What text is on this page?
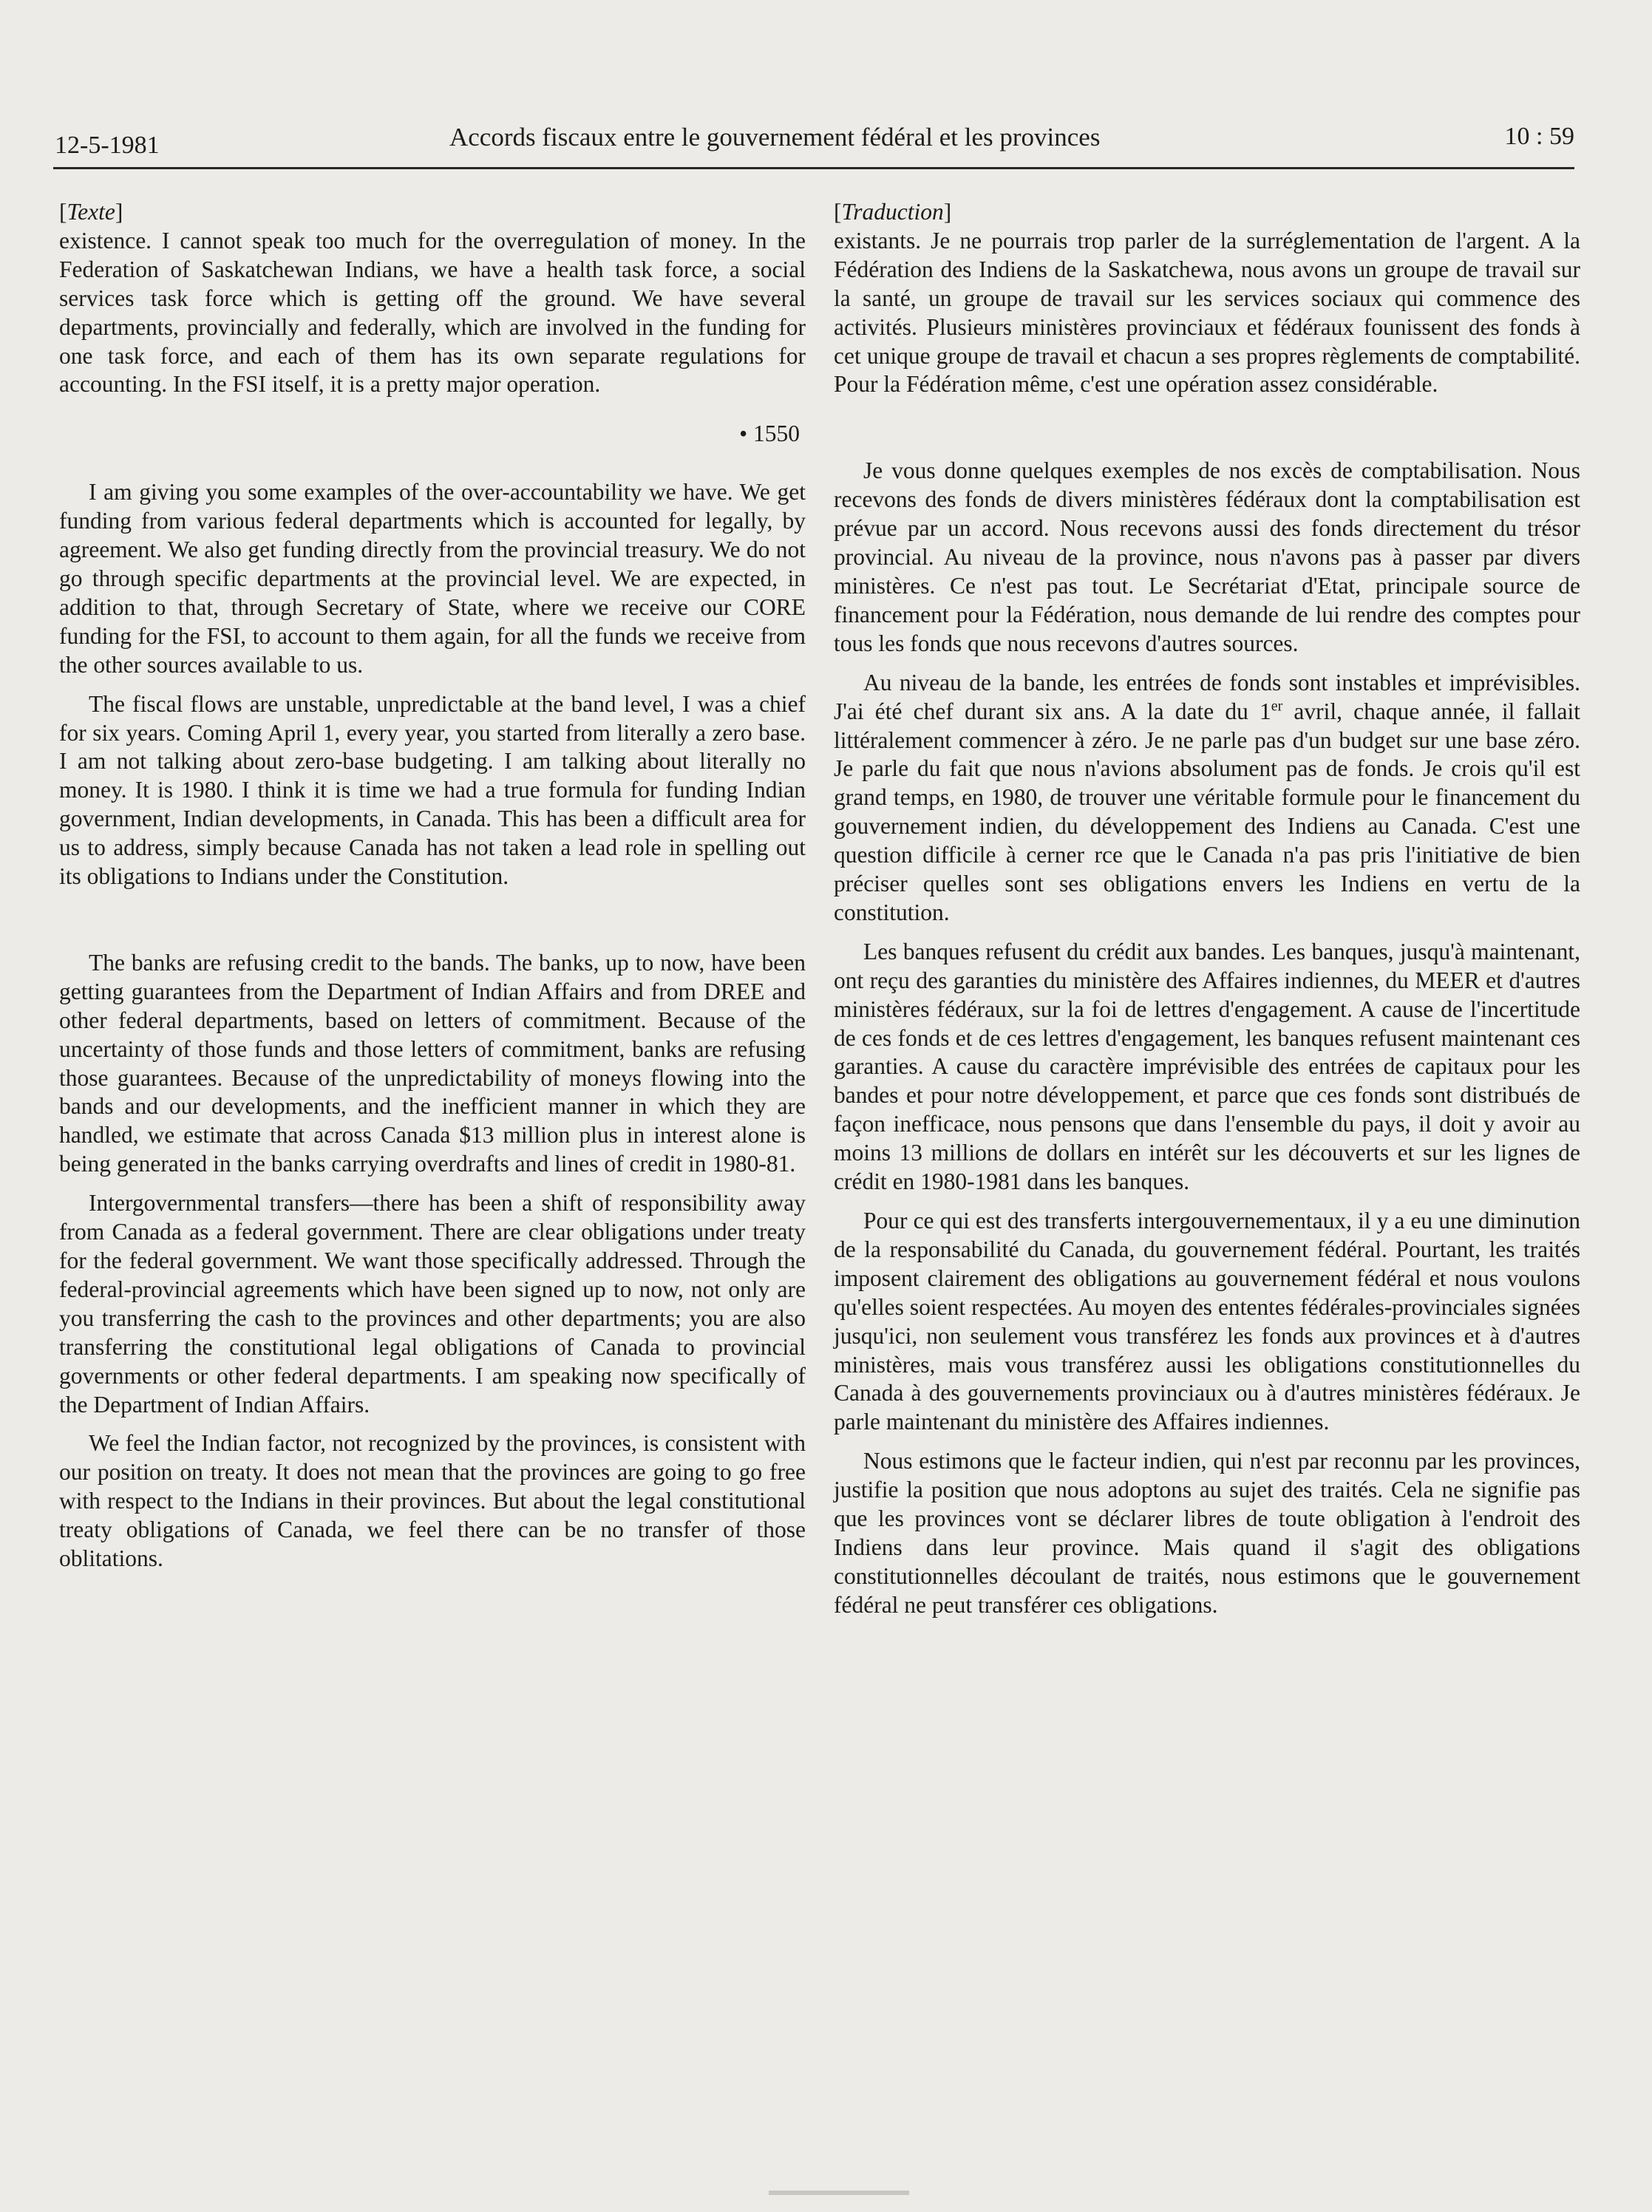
12-5-1981	Accords fiscaux entre le gouvernement fédéral et les provinces	10 : 59

[Texte]

existence. I cannot speak too much for the overregulation of money. In the Federation of Saskatchewan Indians, we have a health task force, a social services task force which is getting off the ground. We have several departments, provincially and federally, which are involved in the funding for one task force, and each of them has its own separate regulations for accounting. In the FSI itself, it is a pretty major operation.

• 1550

I am giving you some examples of the over-accountability we have. We get funding from various federal departments which is accounted for legally, by agreement. We also get funding directly from the provincial treasury. We do not go through specific departments at the provincial level. We are expected, in addition to that, through Secretary of State, where we receive our CORE funding for the FSI, to account to them again, for all the funds we receive from the other sources available to us.

The fiscal flows are unstable, unpredictable at the band level, I was a chief for six years. Coming April 1, every year, you started from literally a zero base. I am not talking about zero-base budgeting. I am talking about literally no money. It is 1980. I think it is time we had a true formula for funding Indian government, Indian developments, in Canada. This has been a difficult area for us to address, simply because Canada has not taken a lead role in spelling out its obligations to Indians under the Constitution.

The banks are refusing credit to the bands. The banks, up to now, have been getting guarantees from the Department of Indian Affairs and from DREE and other federal departments, based on letters of commitment. Because of the uncertainty of those funds and those letters of commitment, banks are refusing those guarantees. Because of the unpredictability of moneys flowing into the bands and our developments, and the inefficient manner in which they are handled, we estimate that across Canada $13 million plus in interest alone is being generated in the banks carrying overdrafts and lines of credit in 1980-81.

Intergovernmental transfers—there has been a shift of responsibility away from Canada as a federal government. There are clear obligations under treaty for the federal government. We want those specifically addressed. Through the federal-provincial agreements which have been signed up to now, not only are you transferring the cash to the provinces and other departments; you are also transferring the constitutional legal obligations of Canada to provincial governments or other federal departments. I am speaking now specifically of the Department of Indian Affairs.

We feel the Indian factor, not recognized by the provinces, is consistent with our position on treaty. It does not mean that the provinces are going to go free with respect to the Indians in their provinces. But about the legal constitutional treaty obligations of Canada, we feel there can be no transfer of those oblitations.

[Traduction]

existants. Je ne pourrais trop parler de la surréglementation de l'argent. A la Fédération des Indiens de la Saskatchewa, nous avons un groupe de travail sur la santé, un groupe de travail sur les services sociaux qui commence des activités. Plusieurs ministères provinciaux et fédéraux founissent des fonds à cet unique groupe de travail et chacun a ses propres règlements de comptabilité. Pour la Fédération même, c'est une opération assez considérable.

Je vous donne quelques exemples de nos excès de comptabilisation. Nous recevons des fonds de divers ministères fédéraux dont la comptabilisation est prévue par un accord. Nous recevons aussi des fonds directement du trésor provincial. Au niveau de la province, nous n'avons pas à passer par divers ministères. Ce n'est pas tout. Le Secrétariat d'Etat, principale source de financement pour la Fédération, nous demande de lui rendre des comptes pour tous les fonds que nous recevons d'autres sources.

Au niveau de la bande, les entrées de fonds sont instables et imprévisibles. J'ai été chef durant six ans. A la date du 1er avril, chaque année, il fallait littéralement commencer à zéro. Je ne parle pas d'un budget sur une base zéro. Je parle du fait que nous n'avions absolument pas de fonds. Je crois qu'il est grand temps, en 1980, de trouver une véritable formule pour le financement du gouvernement indien, du développement des Indiens au Canada. C'est une question difficile à cerner rce que le Canada n'a pas pris l'initiative de bien préciser quelles sont ses obligations envers les Indiens en vertu de la constitution.

Les banques refusent du crédit aux bandes. Les banques, jusqu'à maintenant, ont reçu des garanties du ministère des Affaires indiennes, du MEER et d'autres ministères fédéraux, sur la foi de lettres d'engagement. A cause de l'incertitude de ces fonds et de ces lettres d'engagement, les banques refusent maintenant ces garanties. A cause du caractère imprévisible des entrées de capitaux pour les bandes et pour notre développement, et parce que ces fonds sont distribués de façon inefficace, nous pensons que dans l'ensemble du pays, il doit y avoir au moins 13 millions de dollars en intérêt sur les découverts et sur les lignes de crédit en 1980-1981 dans les banques.

Pour ce qui est des transferts intergouvernementaux, il y a eu une diminution de la responsabilité du Canada, du gouvernement fédéral. Pourtant, les traités imposent clairement des obligations au gouvernement fédéral et nous voulons qu'elles soient respectées. Au moyen des ententes fédérales-provinciales signées jusqu'ici, non seulement vous transférez les fonds aux provinces et à d'autres ministères, mais vous transférez aussi les obligations constitutionnelles du Canada à des gouvernements provinciaux ou à d'autres ministères fédéraux. Je parle maintenant du ministère des Affaires indiennes.

Nous estimons que le facteur indien, qui n'est par reconnu par les provinces, justifie la position que nous adoptons au sujet des traités. Cela ne signifie pas que les provinces vont se déclarer libres de toute obligation à l'endroit des Indiens dans leur province. Mais quand il s'agit des obligations constitutionnelles découlant de traités, nous estimons que le gouvernement fédéral ne peut transférer ces obligations.
